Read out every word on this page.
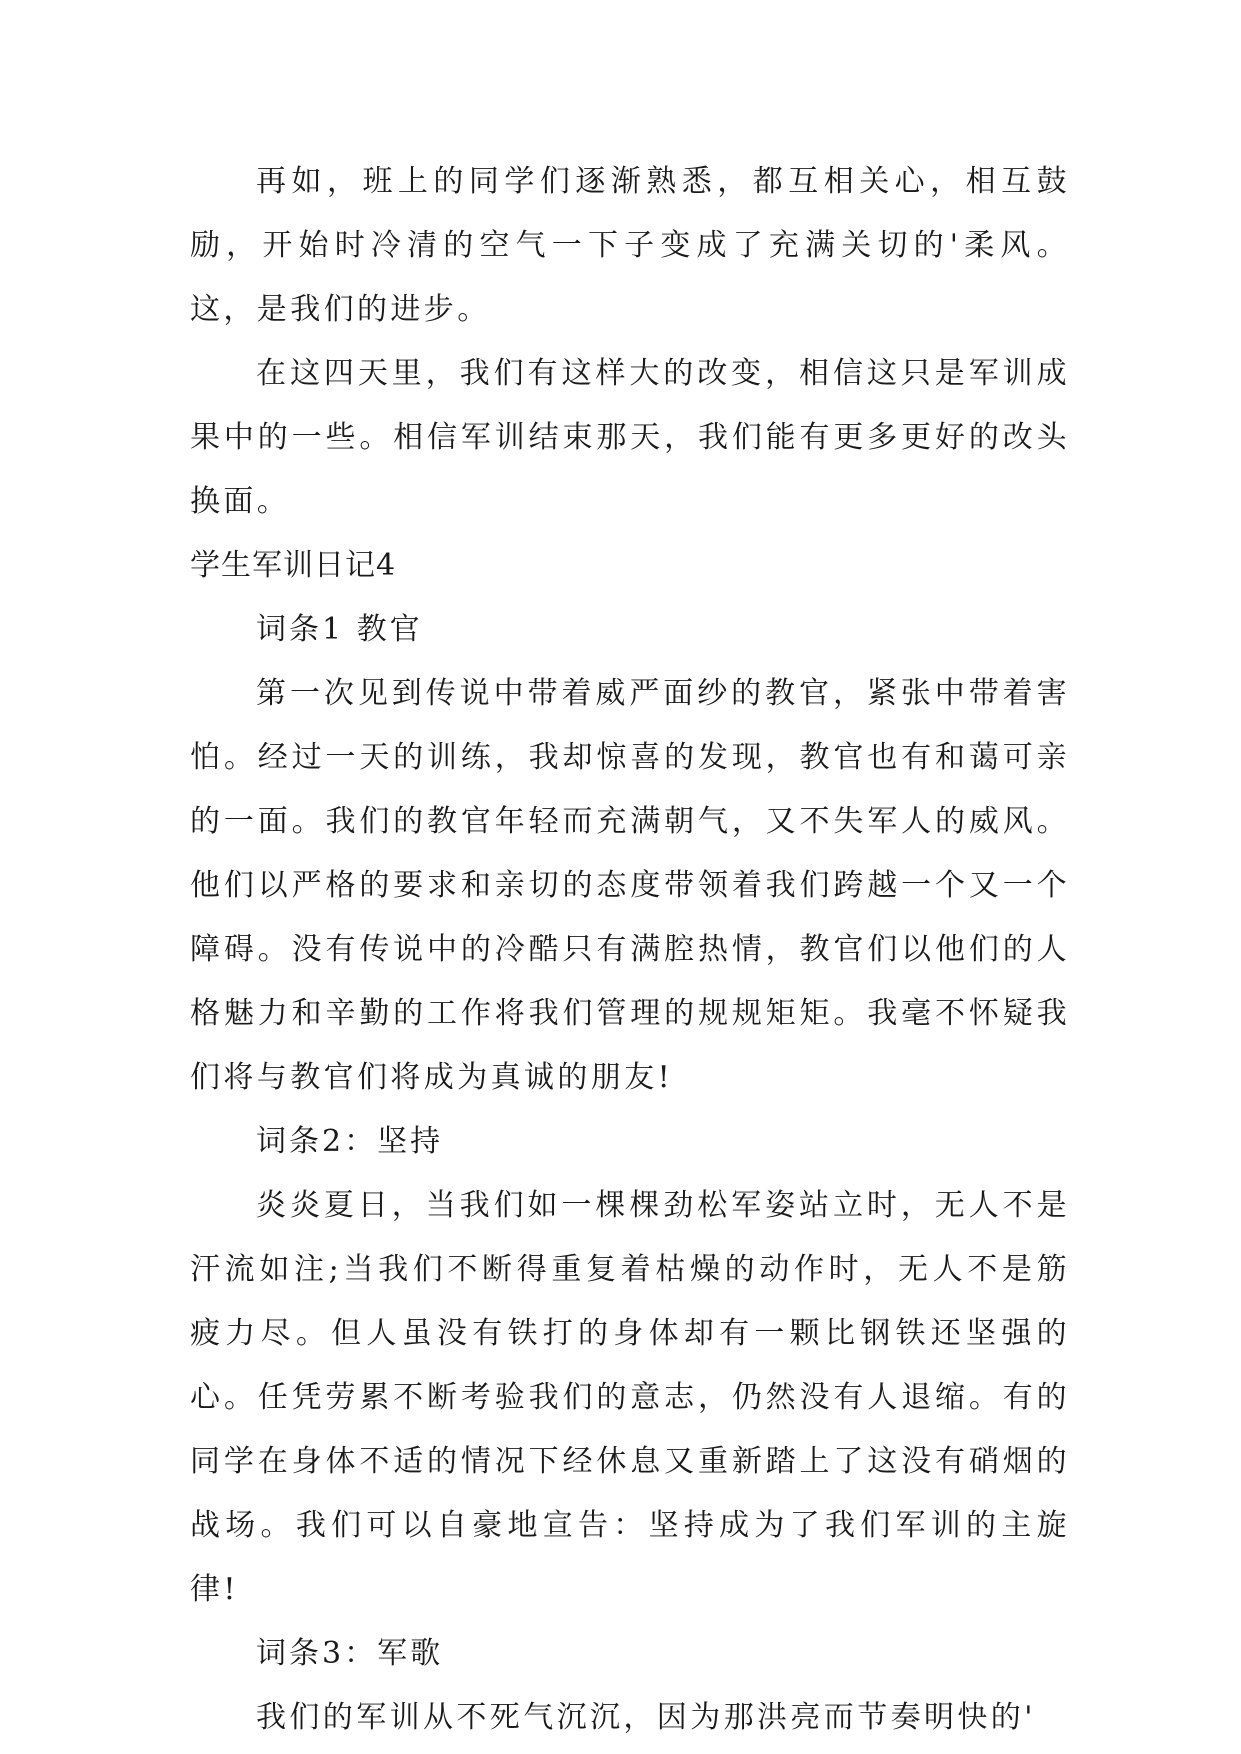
再如，班上的同学们逐渐熟悉，都互相关心，相互鼓励，开始时冷清的空气一下子变成了充满关切的'柔风。这，是我们的进步。

在这四天里，我们有这样大的改变，相信这只是军训成果中的一些。相信军训结束那天，我们能有更多更好的改头换面。

学生军训日记4

词条1 教官

第一次见到传说中带着威严面纱的教官，紧张中带着害怕。经过一天的训练，我却惊喜的发现，教官也有和蔼可亲的一面。我们的教官年轻而充满朝气，又不失军人的威风。他们以严格的要求和亲切的态度带领着我们跨越一个又一个障碍。没有传说中的冷酷只有满腔热情，教官们以他们的人格魅力和辛勤的工作将我们管理的规规矩矩。我毫不怀疑我们将与教官们将成为真诚的朋友!

词条2：坚持

炎炎夏日，当我们如一棵棵劲松军姿站立时，无人不是汗流如注;当我们不断得重复着枯燥的动作时，无人不是筋疲力尽。但人虽没有铁打的身体却有一颗比钢铁还坚强的心。任凭劳累不断考验我们的意志，仍然没有人退缩。有的同学在身体不适的情况下经休息又重新踏上了这没有硝烟的战场。我们可以自豪地宣告：坚持成为了我们军训的主旋律!

词条3：军歌

我们的军训从不死气沉沉，因为那洪亮而节奏明快的'
